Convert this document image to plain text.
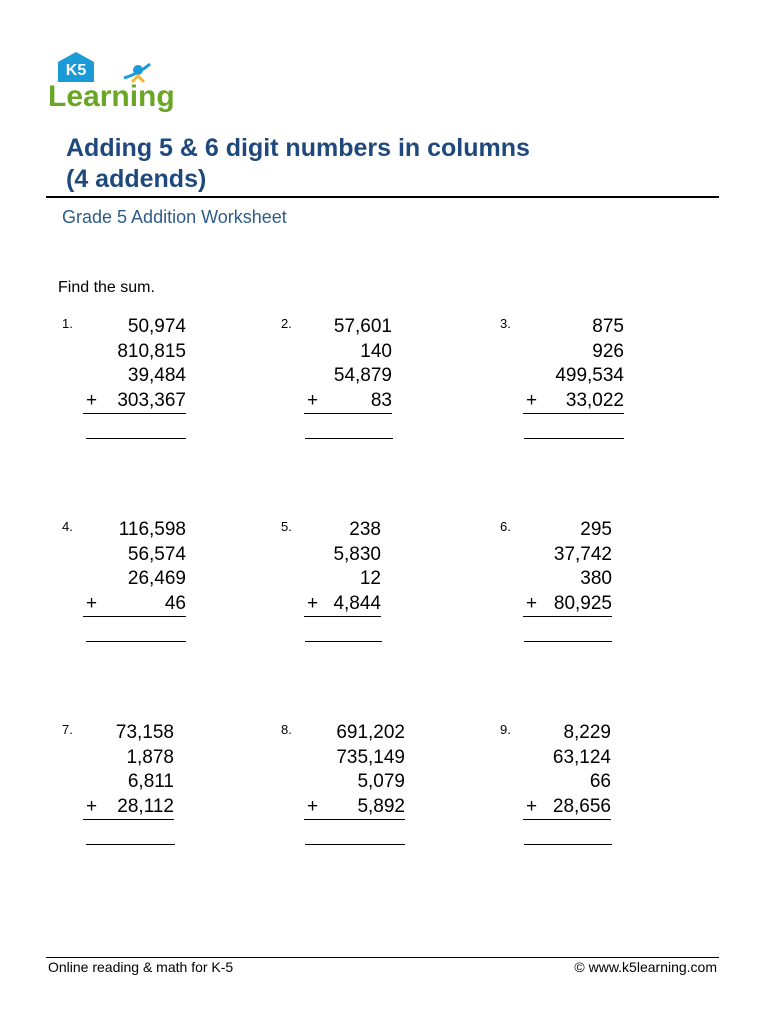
K5
Learning
Adding 5 & 6 digit numbers in columns
(4 addends)
Grade 5 Addition Worksheet
Find the sum.
1.	50,974
810,815
39,484
303,367
+
2.	57,601
140
54,879
83
+
3.	875
926
499,534
33,022
+
4.	116,598
56,574
26,469
46
+
5.	238
5,830
12
4,844
+
6.	295
37,742
380
80,925
+
7.	73,158
1,878
6,811
28,112
+
8.	691,202
735,149
5,079
5,892
+
9.	8,229
63,124
66
28,656
+
Online reading & math for K-5	© www.k5learning.com
